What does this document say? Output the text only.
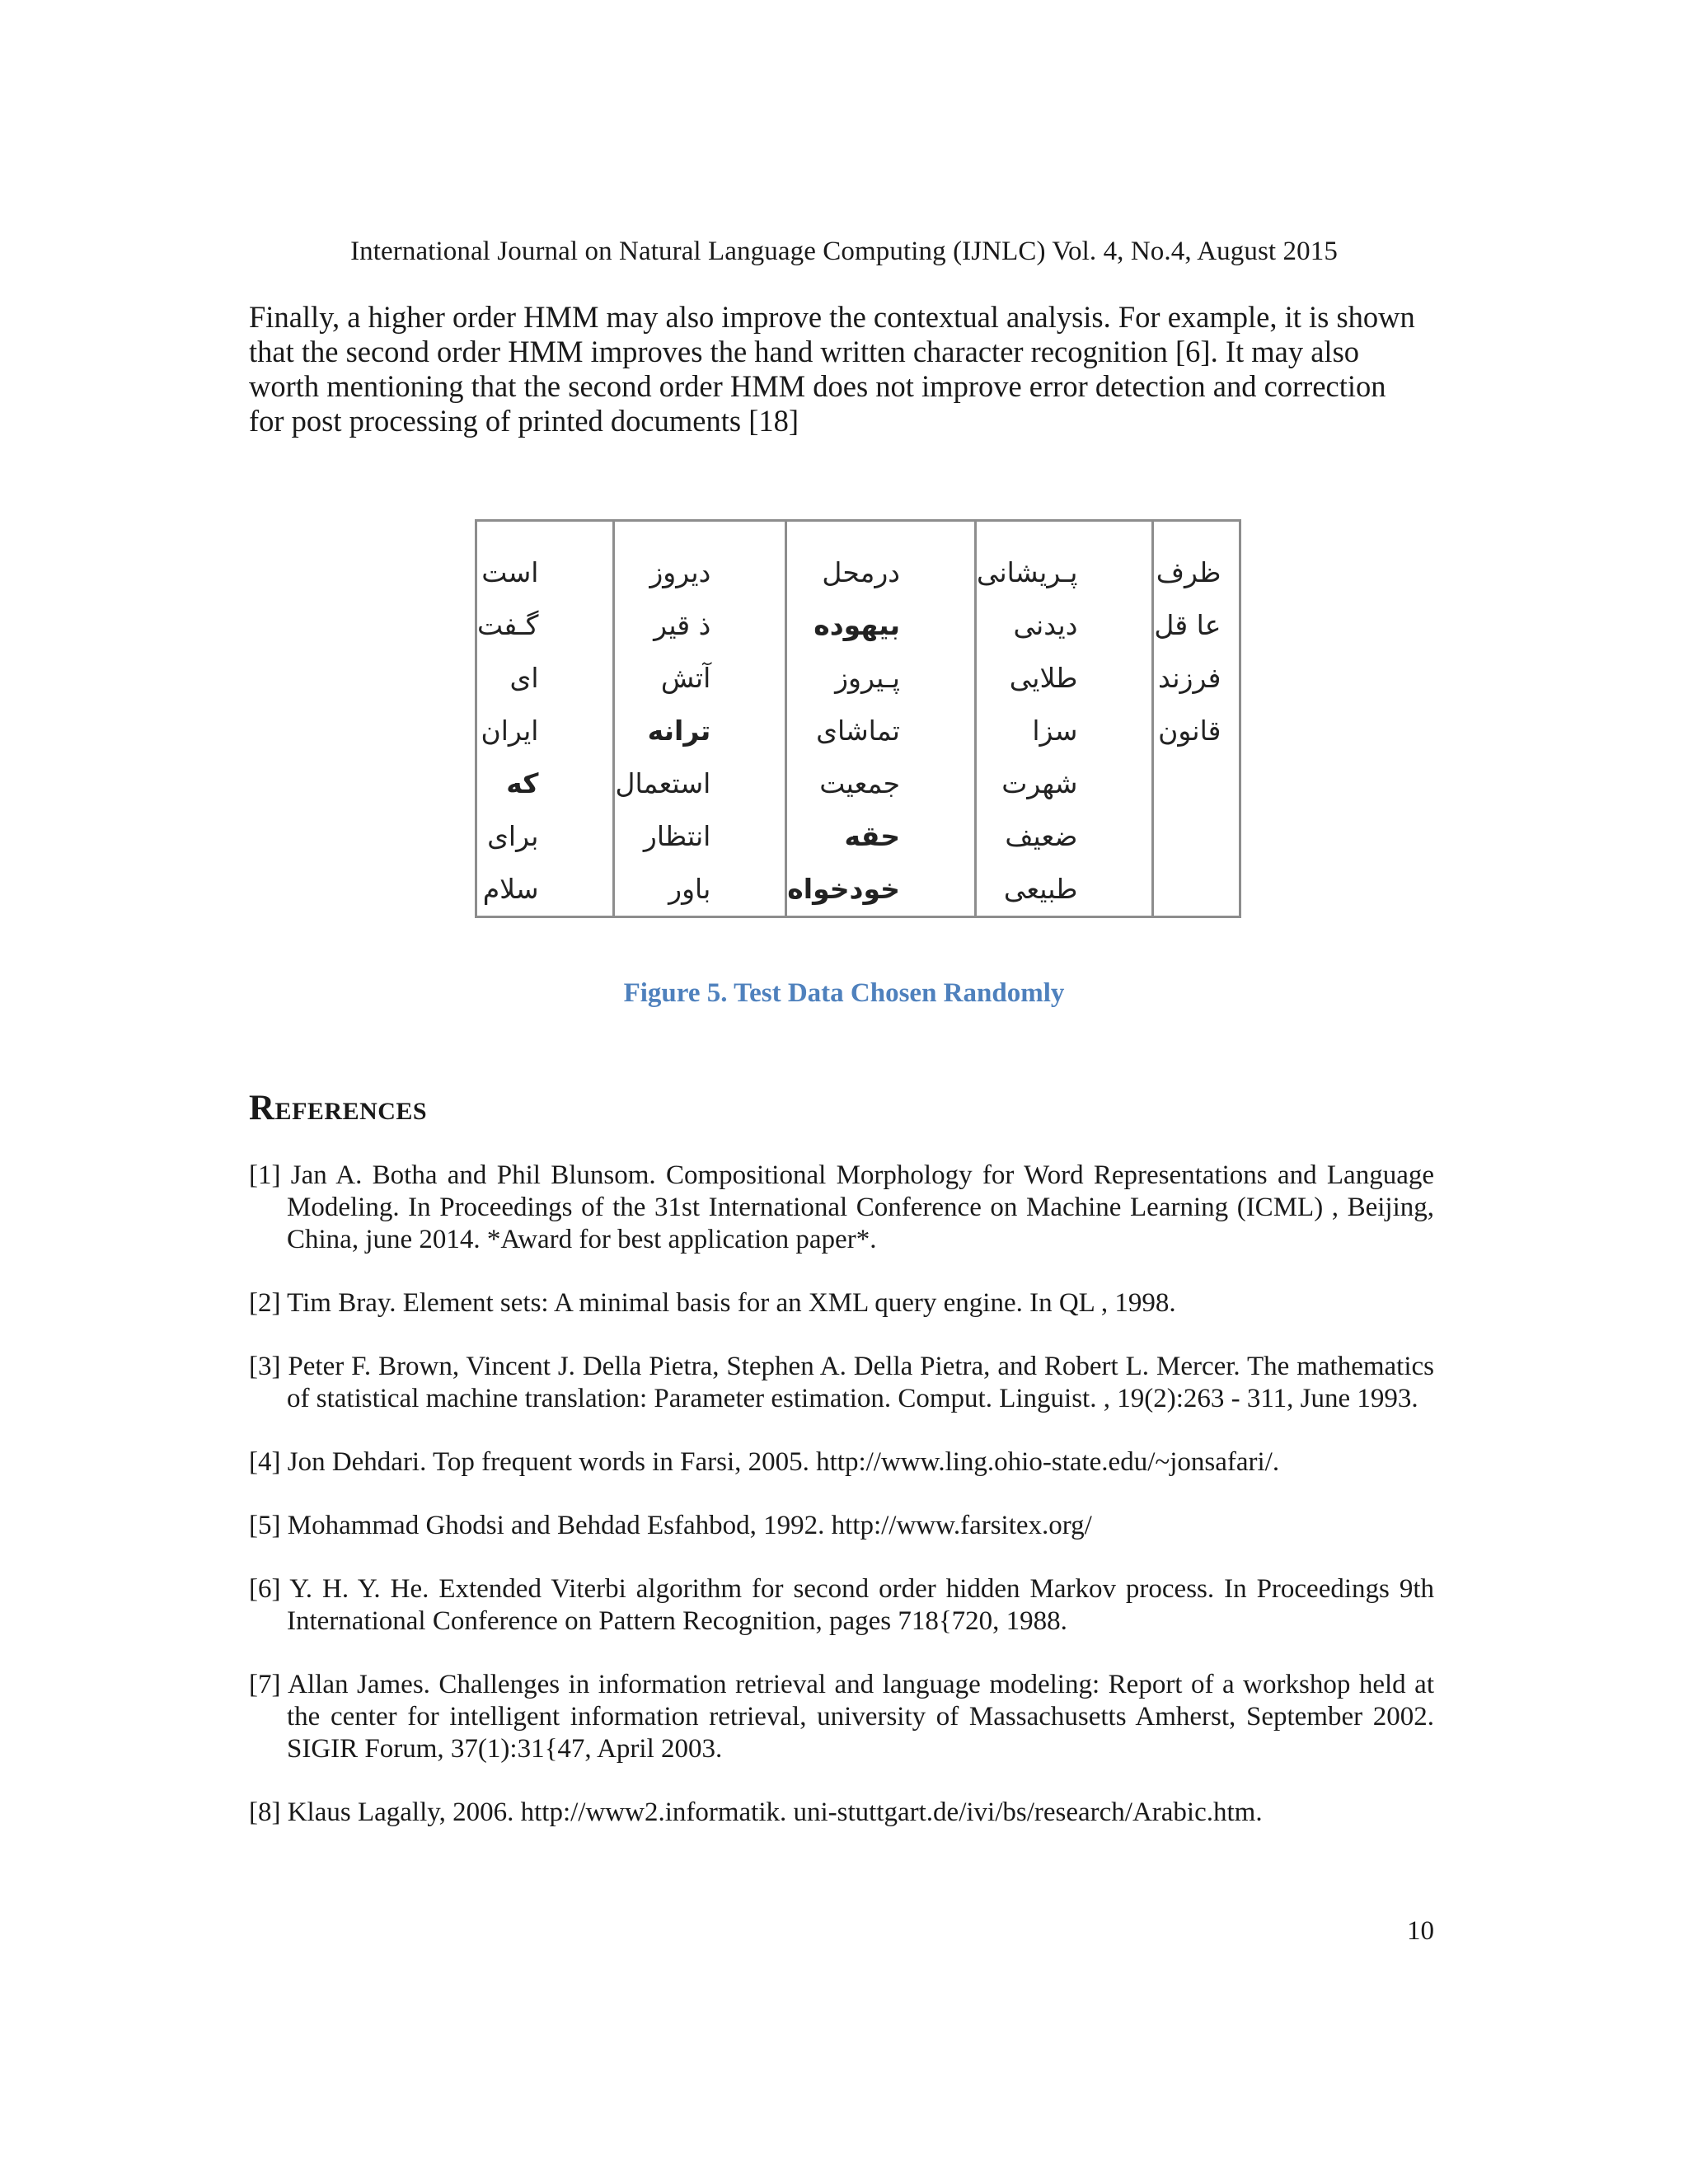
International Journal on Natural Language Computing (IJNLC) Vol. 4, No.4, August 2015

Finally, a higher order HMM may also improve the contextual analysis. For example, it is shown
that the second order HMM improves the hand written character recognition [6]. It may also
worth mentioning that the second order HMM does not improve error detection and correction
for post processing of printed documents [18]

است
گـفت
ای
ایران
که
برای
سلام
دیروز
ذ قیر
آتش
ترانه
استعمال
انتظار
باور
درمحل
بیهوده
پـیروز
تماشای
جمعیت
حقه
خودخواه
پـریشانی
دیدنی
طلایی
سزا
شهرت
ضعیف
طبیعی
ظرف
عا قل
فرزند
قانون
Figure 5. Test Data Chosen Randomly
References
[1] Jan A. Botha and Phil Blunsom. Compositional Morphology for Word Representations and Language Modeling. In Proceedings of the 31st International Conference on Machine Learning (ICML) , Beijing, China, june 2014. *Award for best application paper*.
[2] Tim Bray. Element sets: A minimal basis for an XML query engine. In QL , 1998.
[3] Peter F. Brown, Vincent J. Della Pietra, Stephen A. Della Pietra, and Robert L. Mercer. The mathematics of statistical machine translation: Parameter estimation. Comput. Linguist. , 19(2):263 - 311, June 1993.
[4] Jon Dehdari. Top frequent words in Farsi, 2005. http://www.ling.ohio-state.edu/~jonsafari/.
[5] Mohammad Ghodsi and Behdad Esfahbod, 1992. http://www.farsitex.org/
[6] Y. H. Y. He. Extended Viterbi algorithm for second order hidden Markov process. In Proceedings 9th International Conference on Pattern Recognition, pages 718{720, 1988.
[7] Allan James. Challenges in information retrieval and language modeling: Report of a workshop held at the center for intelligent information retrieval, university of Massachusetts Amherst, September 2002. SIGIR Forum, 37(1):31{47, April 2003.
[8] Klaus Lagally, 2006. http://www2.informatik. uni-stuttgart.de/ivi/bs/research/Arabic.htm.
10
